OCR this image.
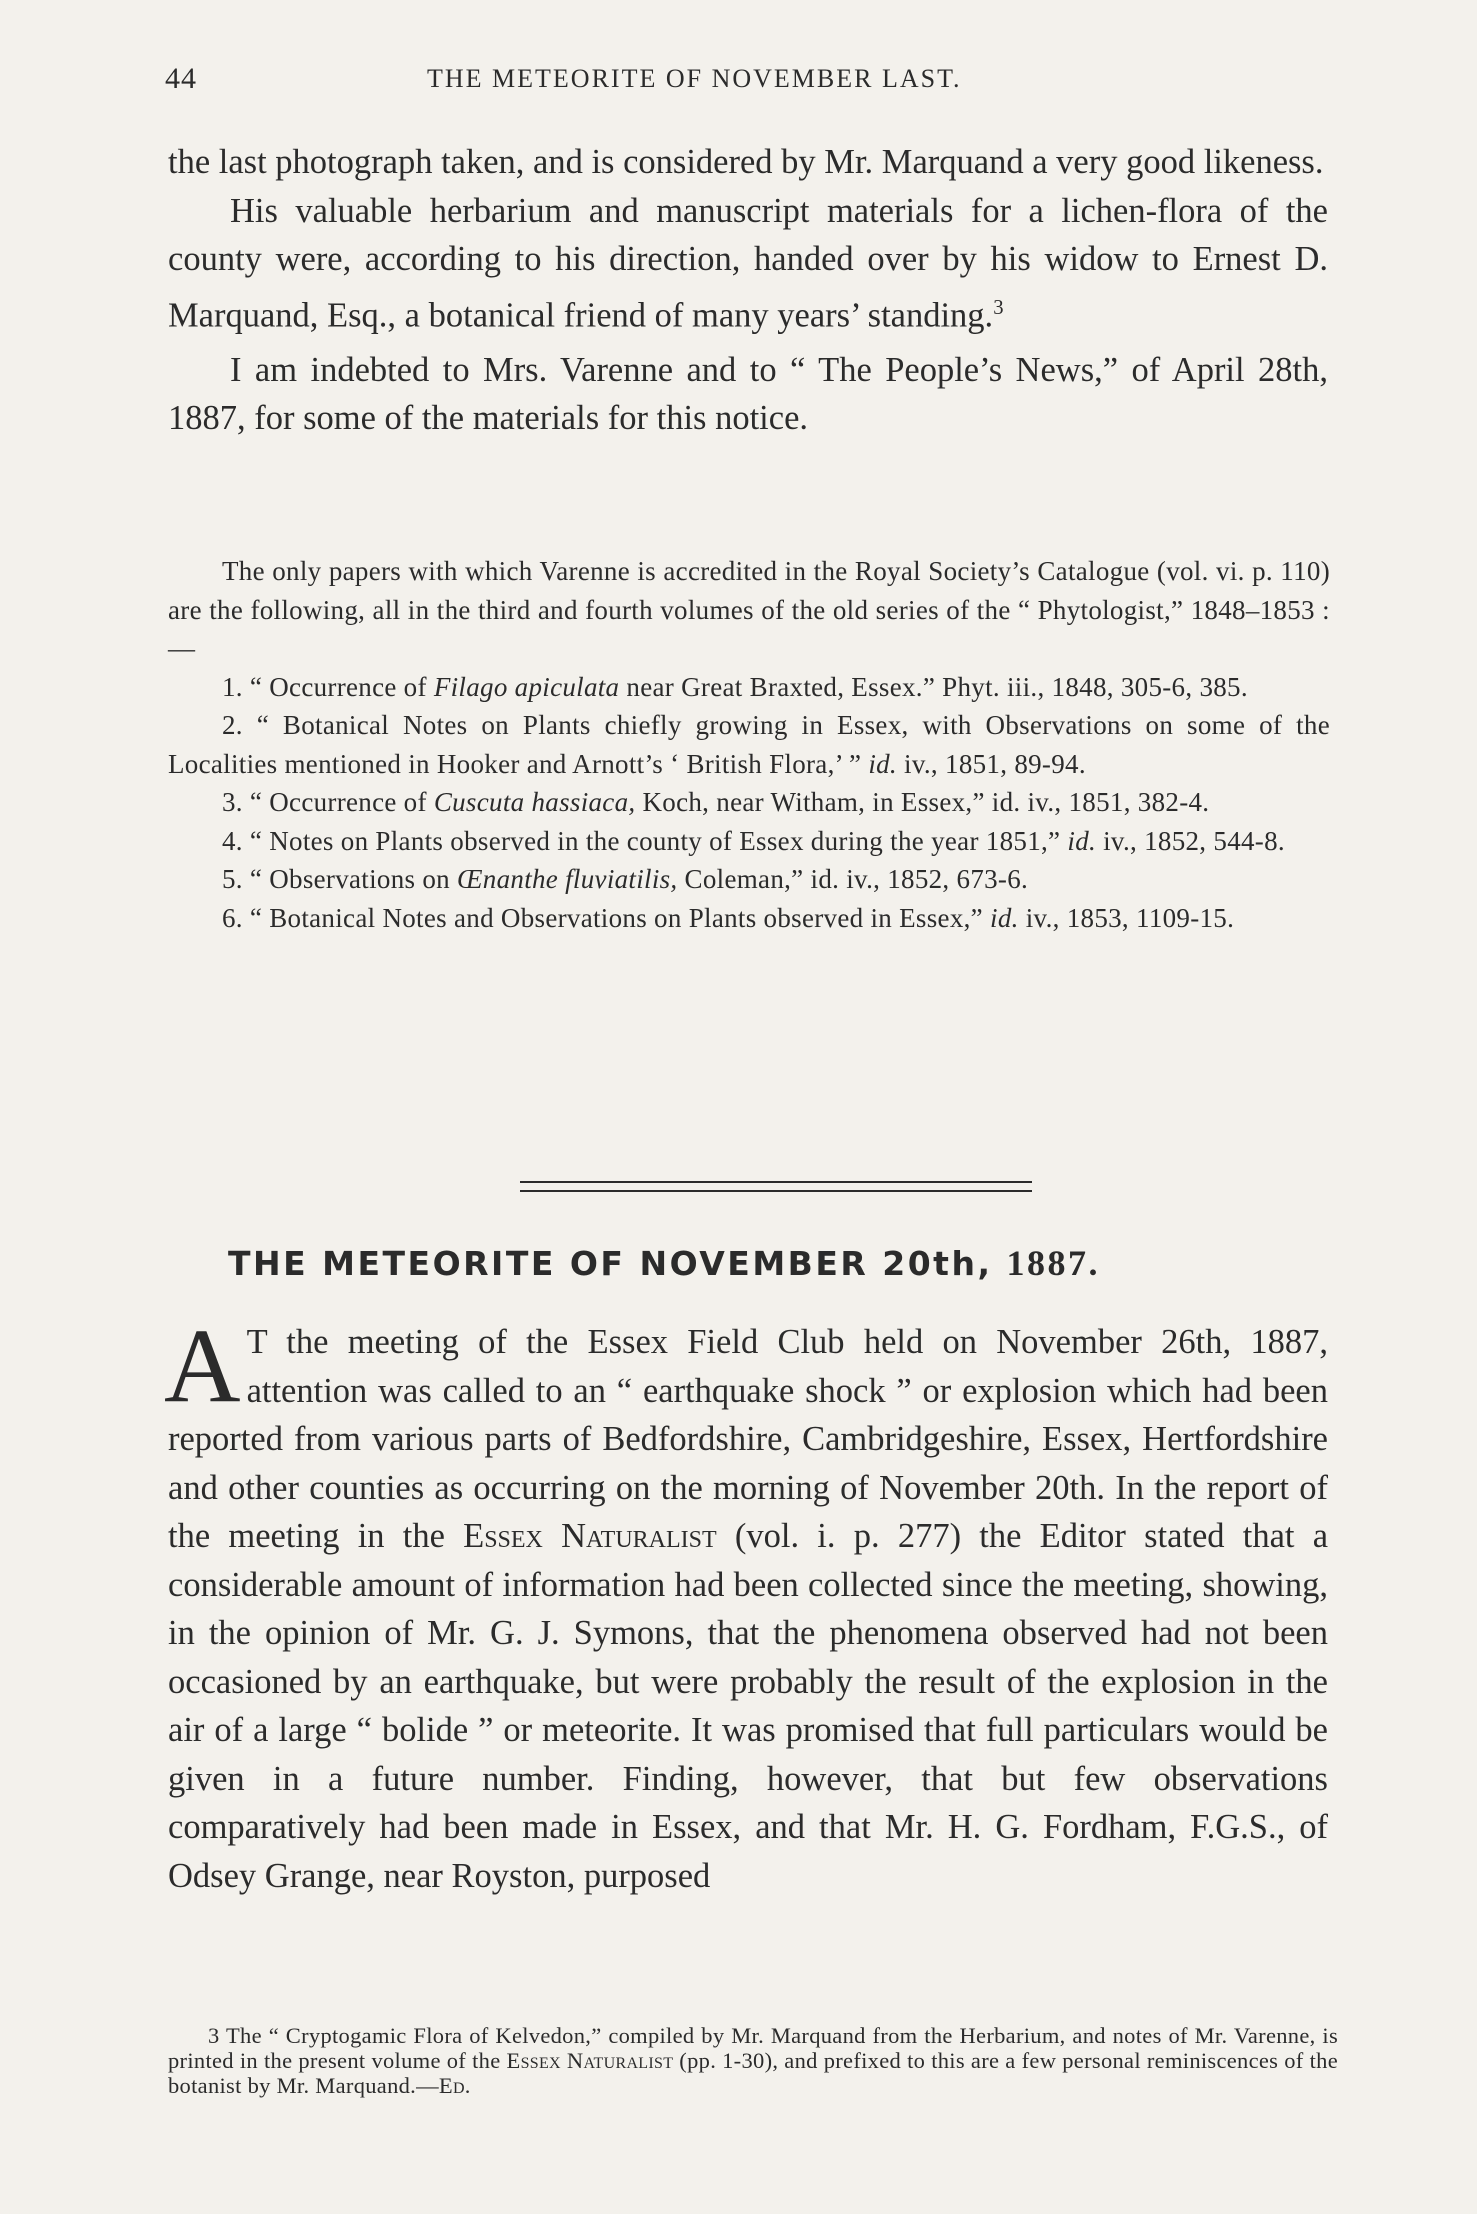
44	THE METEORITE OF NOVEMBER LAST.

the last photograph taken, and is considered by Mr. Marquand a very good likeness.

His valuable herbarium and manuscript materials for a lichen-flora of the county were, according to his direction, handed over by his widow to Ernest D. Marquand, Esq., a botanical friend of many years’ standing.$^3$

I am indebted to Mrs. Varenne and to “ The People’s News,” of April 28th, 1887, for some of the materials for this notice.

The only papers with which Varenne is accredited in the Royal Society’s Catalogue (vol. vi. p. 110) are the following, all in the third and fourth volumes of the old series of the “ Phytologist,” 1848–1853 :—

1. “ Occurrence of Filago apiculata near Great Braxted, Essex.” Phyt. iii., 1848, 305-6, 385.

2. “ Botanical Notes on Plants chiefly growing in Essex, with Observations on some of the Localities mentioned in Hooker and Arnott’s ‘ British Flora,’ ” id. iv., 1851, 89-94.

3. “ Occurrence of Cuscuta hassiaca, Koch, near Witham, in Essex,” id. iv., 1851, 382-4.

4. “ Notes on Plants observed in the county of Essex during the year 1851,” id. iv., 1852, 544-8.

5. “ Observations on Œnanthe fluviatilis, Coleman,” id. iv., 1852, 673-6.

6. “ Botanical Notes and Observations on Plants observed in Essex,” id. iv., 1853, 1109-15.

THE METEORITE OF NOVEMBER 20th, 1887.

A T the meeting of the Essex Field Club held on November 26th, 1887, attention was called to an “ earthquake shock ” or explosion which had been reported from various parts of Bedfordshire, Cambridgeshire, Essex, Hertfordshire and other counties as occurring on the morning of November 20th. In the report of the meeting in the Essex Naturalist (vol. i. p. 277) the Editor stated that a considerable amount of information had been collected since the meeting, showing, in the opinion of Mr. G. J. Symons, that the phenomena observed had not been occasioned by an earthquake, but were probably the result of the explosion in the air of a large “ bolide ” or meteorite. It was promised that full particulars would be given in a future number. Finding, however, that but few observations comparatively had been made in Essex, and that Mr. H. G. Fordham, F.G.S., of Odsey Grange, near Royston, purposed

3 The “ Cryptogamic Flora of Kelvedon,” compiled by Mr. Marquand from the Herbarium, and notes of Mr. Varenne, is printed in the present volume of the Essex Naturalist (pp. 1-30), and prefixed to this are a few personal reminiscences of the botanist by Mr. Marquand.—Ed.
